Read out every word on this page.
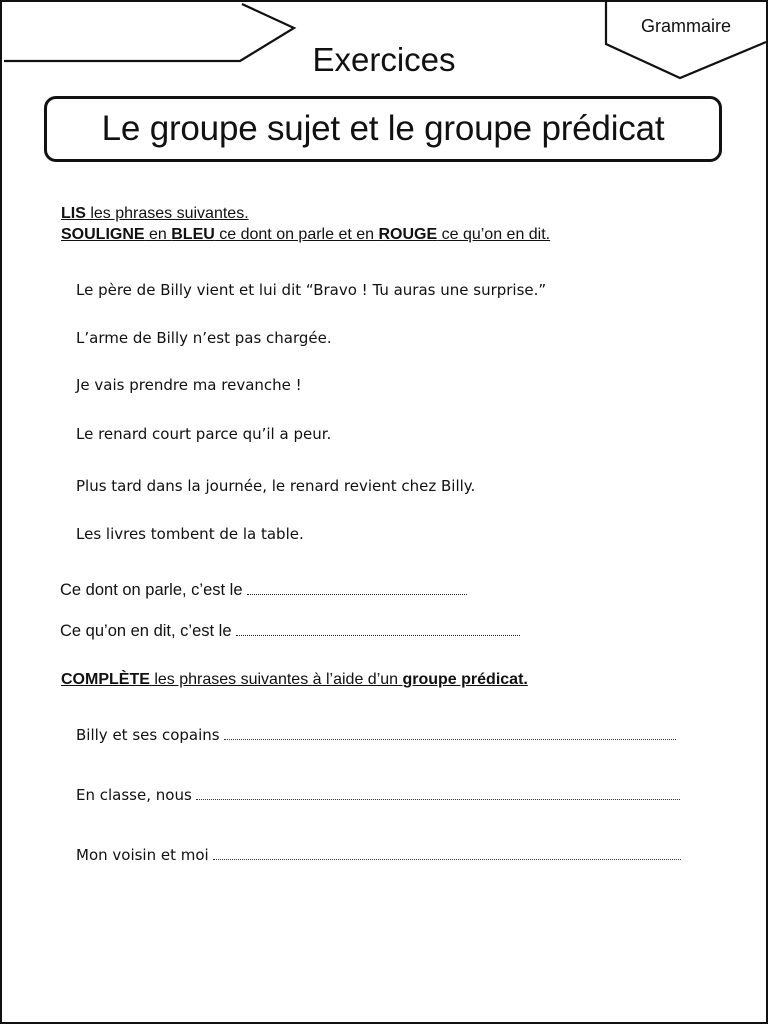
Exercices
Grammaire
Le groupe sujet et le groupe prédicat
LIS les phrases suivantes.
SOULIGNE en BLEU ce dont on parle et en ROUGE ce qu’on en dit.
Le père de Billy vient et lui dit “Bravo ! Tu auras une surprise.”
L’arme de Billy n’est pas chargée.
Je vais prendre ma revanche !
Le renard court parce qu’il a peur.
Plus tard dans la journée, le renard revient chez Billy.
Les livres tombent de la table.
Ce dont on parle, c’est le
Ce qu’on en dit, c’est le
COMPLÈTE les phrases suivantes à l’aide d’un groupe prédicat.
Billy et ses copains
En classe, nous
Mon voisin et moi
